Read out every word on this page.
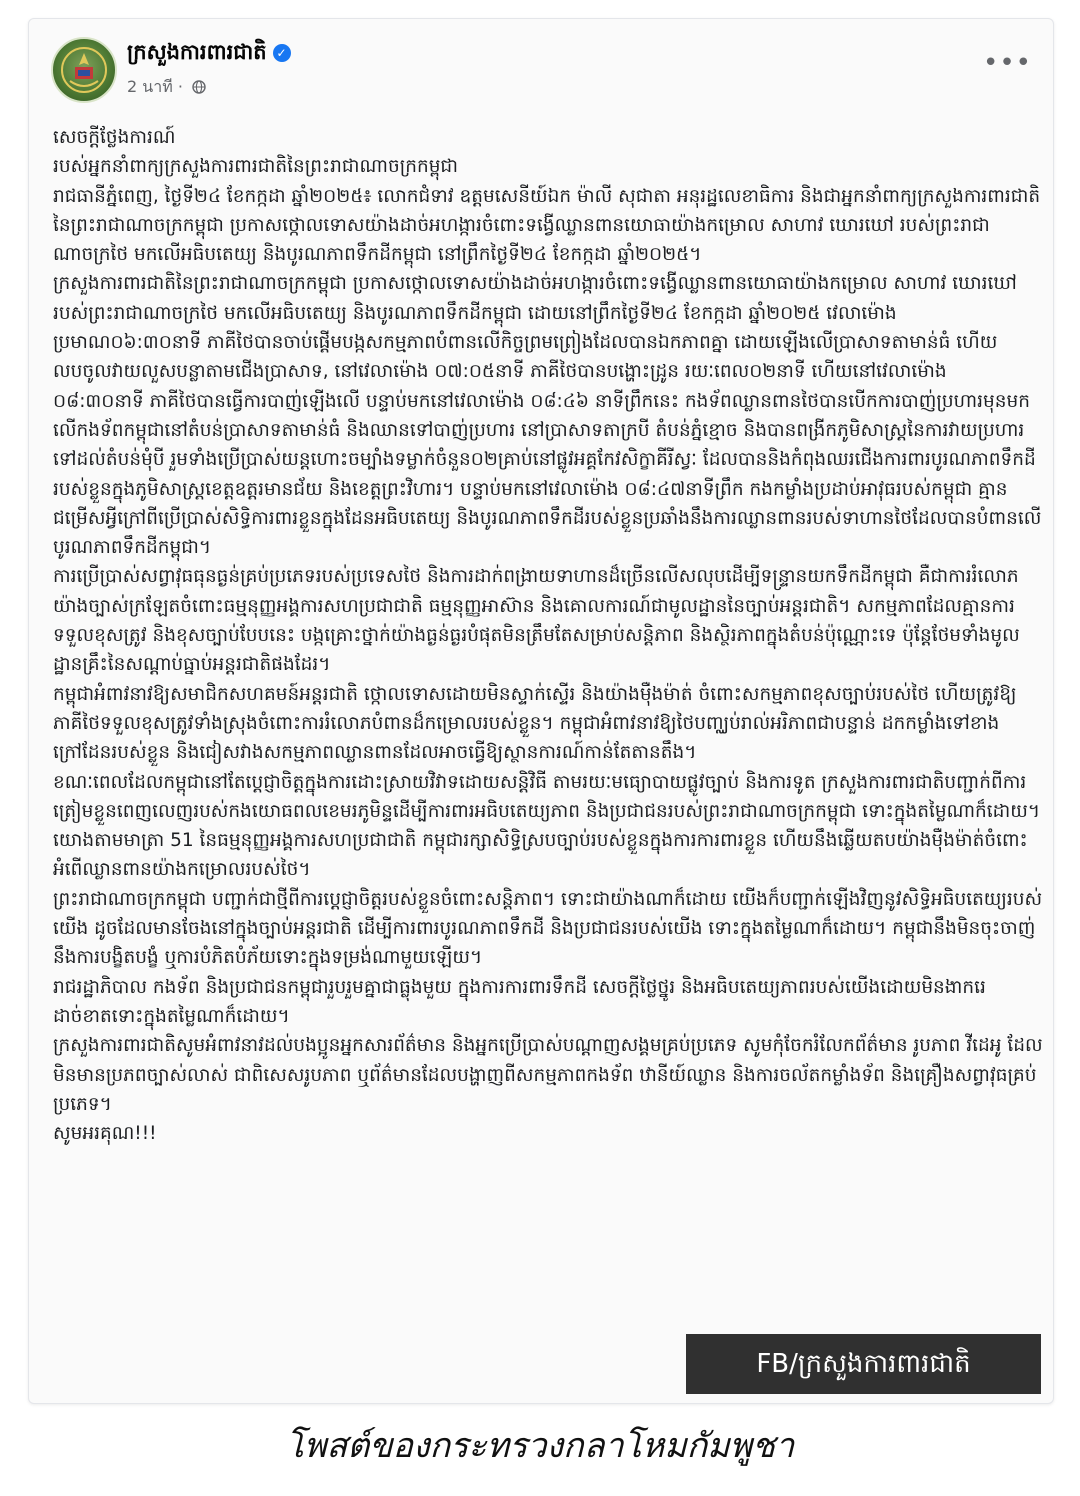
ក្រសួងការពារជាតិ ✓
2 นาที ·
•••

សេចក្តីថ្លែងការណ៍

របស់អ្នកនាំពាក្យក្រសួងការពារជាតិនៃព្រះរាជាណាចក្រកម្ពុជា

រាជធានីភ្នំពេញ, ថ្ងៃទី២៤ ខែកក្កដា ឆ្នាំ២០២៥៖ លោកជំទាវ ឧត្តមសេនីយ៍ឯក ម៉ាលី សុជាតា អនុរដ្ឋលេខាធិការ និងជាអ្នកនាំពាក្យក្រសួងការពារជាតិ នៃព្រះរាជាណាចក្រកម្ពុជា ប្រកាសថ្កោលទោសយ៉ាងដាច់អហង្ការចំពោះទង្វើឈ្លានពានយោធាយ៉ាងកម្រោល សាហាវ ឃោរឃៅ របស់ព្រះរាជាណាចក្រថៃ មកលើអធិបតេយ្យ និងបូរណភាពទឹកដីកម្ពុជា នៅព្រឹកថ្ងៃទី២៤ ខែកក្កដា ឆ្នាំ២០២៥។

ក្រសួងការពារជាតិនៃព្រះរាជាណាចក្រកម្ពុជា ប្រកាសថ្កោលទោសយ៉ាងដាច់អហង្ការចំពោះទង្វើឈ្លានពានយោធាយ៉ាងកម្រោល សាហាវ ឃោរឃៅ របស់ព្រះរាជាណាចក្រថៃ មកលើអធិបតេយ្យ និងបូរណភាពទឹកដីកម្ពុជា ដោយនៅព្រឹកថ្ងៃទី២៤ ខែកក្កដា ឆ្នាំ២០២៥ វេលាម៉ោងប្រមាណ០៦:៣០នាទី ភាគីថៃបានចាប់ផ្តើមបង្កសកម្មភាពបំពានលើកិច្ចព្រមព្រៀងដែលបានឯកភាពគ្នា ដោយឡើងលើប្រាសាទតាមាន់ធំ ហើយលបចូលវាយលួសបន្លាតាមជើងប្រាសាទ, នៅវេលាម៉ោង ០៧:០៥នាទី ភាគីថៃបានបង្ហោះដ្រូន រយៈពេល០២នាទី ហើយនៅវេលាម៉ោង ០៨:៣០នាទី ភាគីថៃបានធ្វើការបាញ់ឡើងលើ បន្ទាប់មកនៅវេលាម៉ោង ០៨:៤៦ នាទីព្រឹកនេះ កងទ័ពឈ្លានពានថៃបានបើកការបាញ់ប្រហារមុនមកលើកងទ័ពកម្ពុជានៅតំបន់ប្រាសាទតាមាន់ធំ និងឈានទៅបាញ់ប្រហារ នៅប្រាសាទតាក្របី តំបន់ភ្នំខ្មោច និងបានពង្រីកភូមិសាស្ត្រនៃការវាយប្រហារទៅដល់តំបន់មុំបី រួមទាំងប្រើប្រាស់យន្តហោះចម្បាំងទម្លាក់ចំនួន០២គ្រាប់នៅផ្លូវអគ្គកែវសិក្ខាគីរីស្វៈ ដែលបាននិងកំពុងឈរជើងការពារបូរណភាពទឹកដីរបស់ខ្លួនក្នុងភូមិសាស្ត្រខេត្តឧត្តរមានជ័យ និងខេត្តព្រះវិហារ។ បន្ទាប់មកនៅវេលាម៉ោង ០៨:៤៧នាទីព្រឹក កងកម្លាំងប្រដាប់អាវុធរបស់កម្ពុជា គ្មានជម្រើសអ្វីក្រៅពីប្រើប្រាស់សិទ្ធិការពារខ្លួនក្នុងដែនអធិបតេយ្យ និងបូរណភាពទឹកដីរបស់ខ្លួនប្រឆាំងនឹងការឈ្លានពានរបស់ទាហានថៃដែលបានបំពានលើបូរណភាពទឹកដីកម្ពុជា។

ការប្រើប្រាស់សព្វាវុធធុនធ្ងន់គ្រប់ប្រភេទរបស់ប្រទេសថៃ និងការដាក់ពង្រាយទាហានដ៏ច្រើនលើសលុបដើម្បីទន្ទ្រានយកទឹកដីកម្ពុជា គឺជាការរំលោភយ៉ាងច្បាស់ក្រឡែតចំពោះធម្មនុញ្ញអង្គការសហប្រជាជាតិ ធម្មនុញ្ញអាស៊ាន និងគោលការណ៍ជាមូលដ្ឋាននៃច្បាប់អន្តរជាតិ។ សកម្មភាពដែលគ្មានការទទួលខុសត្រូវ និងខុសច្បាប់បែបនេះ បង្កគ្រោះថ្នាក់យ៉ាងធ្ងន់ធ្ងរបំផុតមិនត្រឹមតែសម្រាប់សន្តិភាព និងស្ថិរភាពក្នុងតំបន់ប៉ុណ្ណោះទេ ប៉ុន្តែថែមទាំងមូលដ្ឋានគ្រឹះនៃសណ្តាប់ធ្នាប់អន្តរជាតិផងដែរ។

កម្ពុជាអំពាវនាវឱ្យសមាជិកសហគមន៍អន្តរជាតិ ថ្កោលទោសដោយមិនស្ទាក់ស្ទើរ និងយ៉ាងម៉ឺងម៉ាត់ ចំពោះសកម្មភាពខុសច្បាប់របស់ថៃ ហើយត្រូវឱ្យភាគីថៃទទួលខុសត្រូវទាំងស្រុងចំពោះការរំលោភបំពានដ៏កម្រោលរបស់ខ្លួន។ កម្ពុជាអំពាវនាវឱ្យថៃបញ្ឈប់រាល់អរិភាពជាបន្ទាន់ ដកកម្លាំងទៅខាងក្រៅដែនរបស់ខ្លួន និងជៀសវាងសកម្មភាពឈ្លានពានដែលអាចធ្វើឱ្យស្ថានការណ៍កាន់តែតានតឹង។

ខណៈពេលដែលកម្ពុជានៅតែប្តេជ្ញាចិត្តក្នុងការដោះស្រាយវិវាទដោយសន្តិវិធី តាមរយៈមធ្យោបាយផ្លូវច្បាប់ និងការទូត ក្រសួងការពារជាតិបញ្ជាក់ពីការត្រៀមខ្លួនពេញលេញរបស់កងយោធពលខេមរភូមិន្ទដើម្បីការពារអធិបតេយ្យភាព និងប្រជាជនរបស់ព្រះរាជាណាចក្រកម្ពុជា ទោះក្នុងតម្លៃណាក៏ដោយ។ យោងតាមមាត្រា 51 នៃធម្មនុញ្ញអង្គការសហប្រជាជាតិ កម្ពុជារក្សាសិទ្ធិស្របច្បាប់របស់ខ្លួនក្នុងការការពារខ្លួន ហើយនឹងឆ្លើយតបយ៉ាងម៉ឺងម៉ាត់ចំពោះអំពើឈ្លានពានយ៉ាងកម្រោលរបស់ថៃ។

ព្រះរាជាណាចក្រកម្ពុជា បញ្ជាក់ជាថ្មីពីការប្តេជ្ញាចិត្តរបស់ខ្លួនចំពោះសន្តិភាព។ ទោះជាយ៉ាងណាក៏ដោយ យើងក៏បញ្ជាក់ឡើងវិញនូវសិទ្ធិអធិបតេយ្យរបស់យើង ដូចដែលមានចែងនៅក្នុងច្បាប់អន្តរជាតិ ដើម្បីការពារបូរណភាពទឹកដី និងប្រជាជនរបស់យើង ទោះក្នុងតម្លៃណាក៏ដោយ។ កម្ពុជានឹងមិនចុះចាញ់នឹងការបង្ខិតបង្ខំ ឬការបំភិតបំភ័យទោះក្នុងទម្រង់ណាមួយឡើយ។

រាជរដ្ឋាភិបាល កងទ័ព និងប្រជាជនកម្ពុជារួបរួមគ្នាជាធ្លុងមួយ ក្នុងការការពារទឹកដី សេចក្តីថ្លៃថ្នូរ និងអធិបតេយ្យភាពរបស់យើងដោយមិនងាករេដាច់ខាតទោះក្នុងតម្លៃណាក៏ដោយ។

ក្រសួងការពារជាតិសូមអំពាវនាវដល់បងប្អូនអ្នកសារព័ត៌មាន និងអ្នកប្រើប្រាស់បណ្តាញសង្គមគ្រប់ប្រភេទ សូមកុំចែករំលែកព័ត៌មាន រូបភាព វីដេអូ ដែលមិនមានប្រភពច្បាស់លាស់ ជាពិសេសរូបភាព ឬព័ត៌មានដែលបង្ហាញពីសកម្មភាពកងទ័ព ឋានីយ៍ឈ្លាន និងការចល័តកម្លាំងទ័ព និងគ្រឿងសព្វាវុធគ្រប់ប្រភេទ។

សូមអរគុណ!!!

FB/ក្រសួងការពារជាតិ
โพสต์ของกระทรวงกลาโหมกัมพูชา
